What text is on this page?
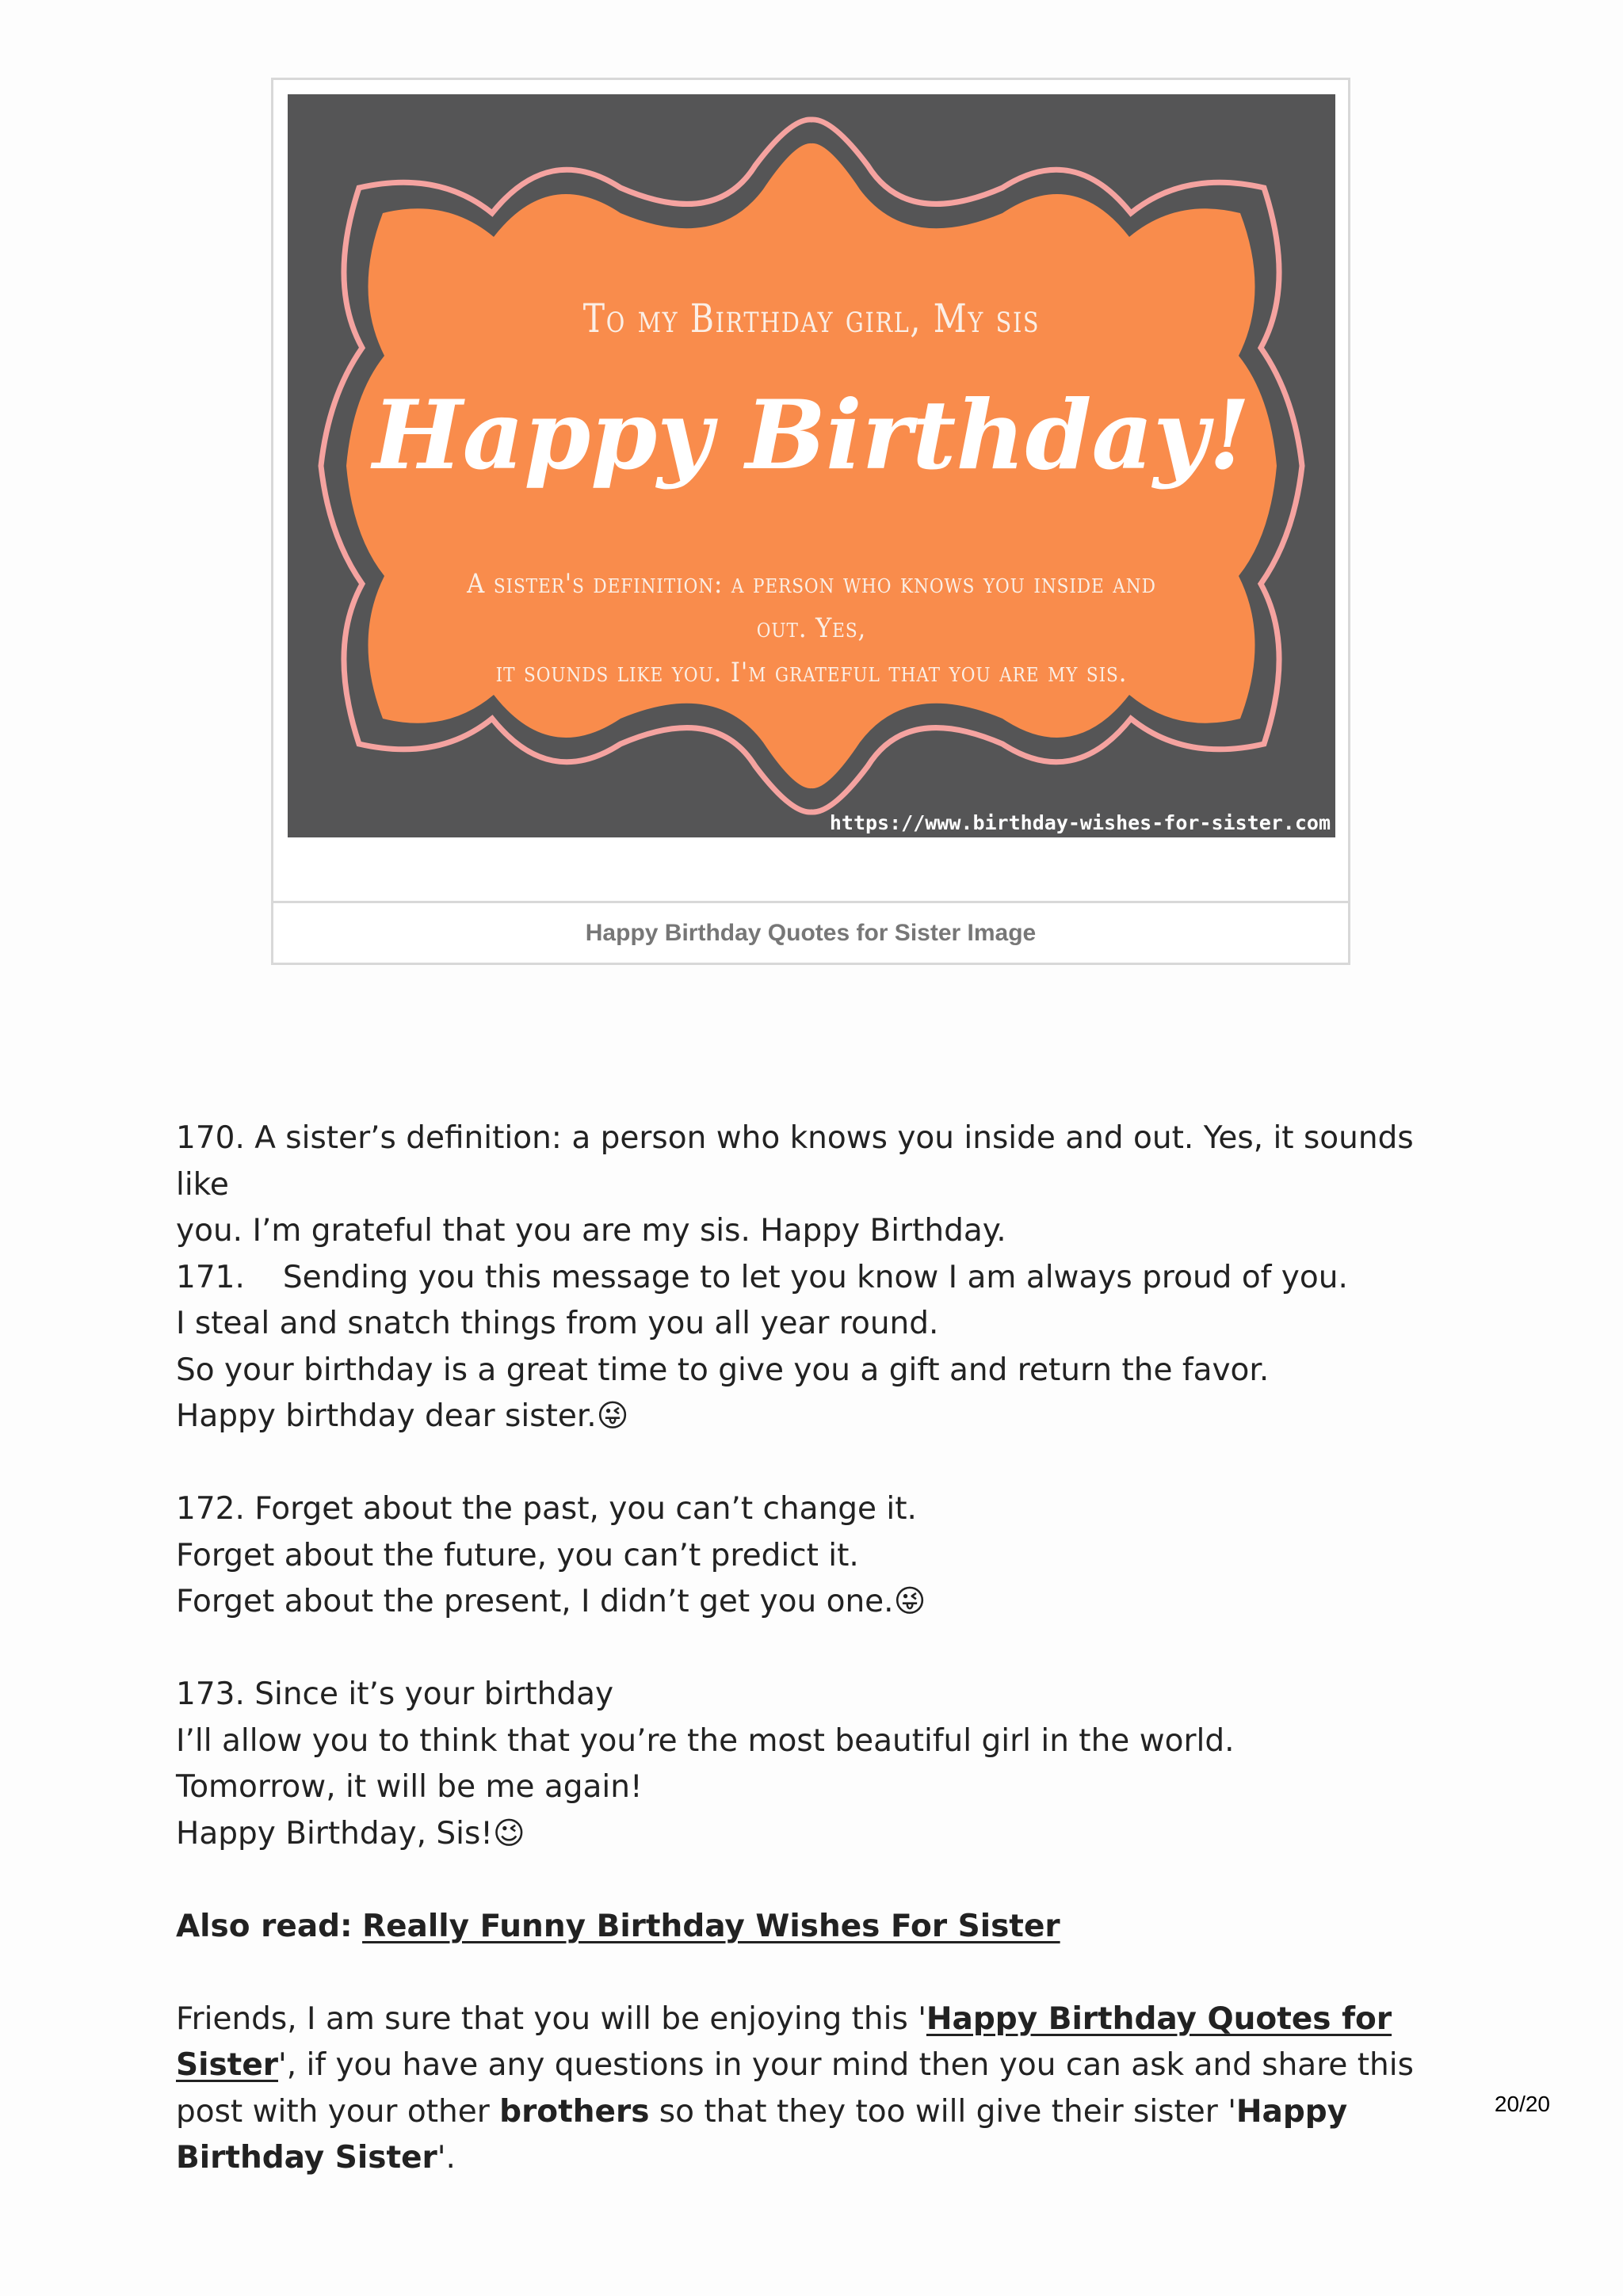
To my Birthday girl, My sis
Happy Birthday!
A sister's definition: a person who knows you inside and out. Yes,
it sounds like you. I'm grateful that you are my sis.
https://www.birthday-wishes-for-sister.com
Happy Birthday Quotes for Sister Image

170. A sister’s definition: a person who knows you inside and out. Yes, it sounds like

you. I’m grateful that you are my sis. Happy Birthday.

171. Sending you this message to let you know I am always proud of you.

I steal and snatch things from you all year round.

So your birthday is a great time to give you a gift and return the favor.

Happy birthday dear sister.😜

172. Forget about the past, you can’t change it.

Forget about the future, you can’t predict it.

Forget about the present, I didn’t get you one.😜

173. Since it’s your birthday

I’ll allow you to think that you’re the most beautiful girl in the world.

Tomorrow, it will be me again!

Happy Birthday, Sis!😉

Also read: Really Funny Birthday Wishes For Sister

Friends, I am sure that you will be enjoying this 'Happy Birthday Quotes for Sister', if you have any questions in your mind then you can ask and share this post with your other brothers so that they too will give their sister 'Happy Birthday Sister'.

20/20
